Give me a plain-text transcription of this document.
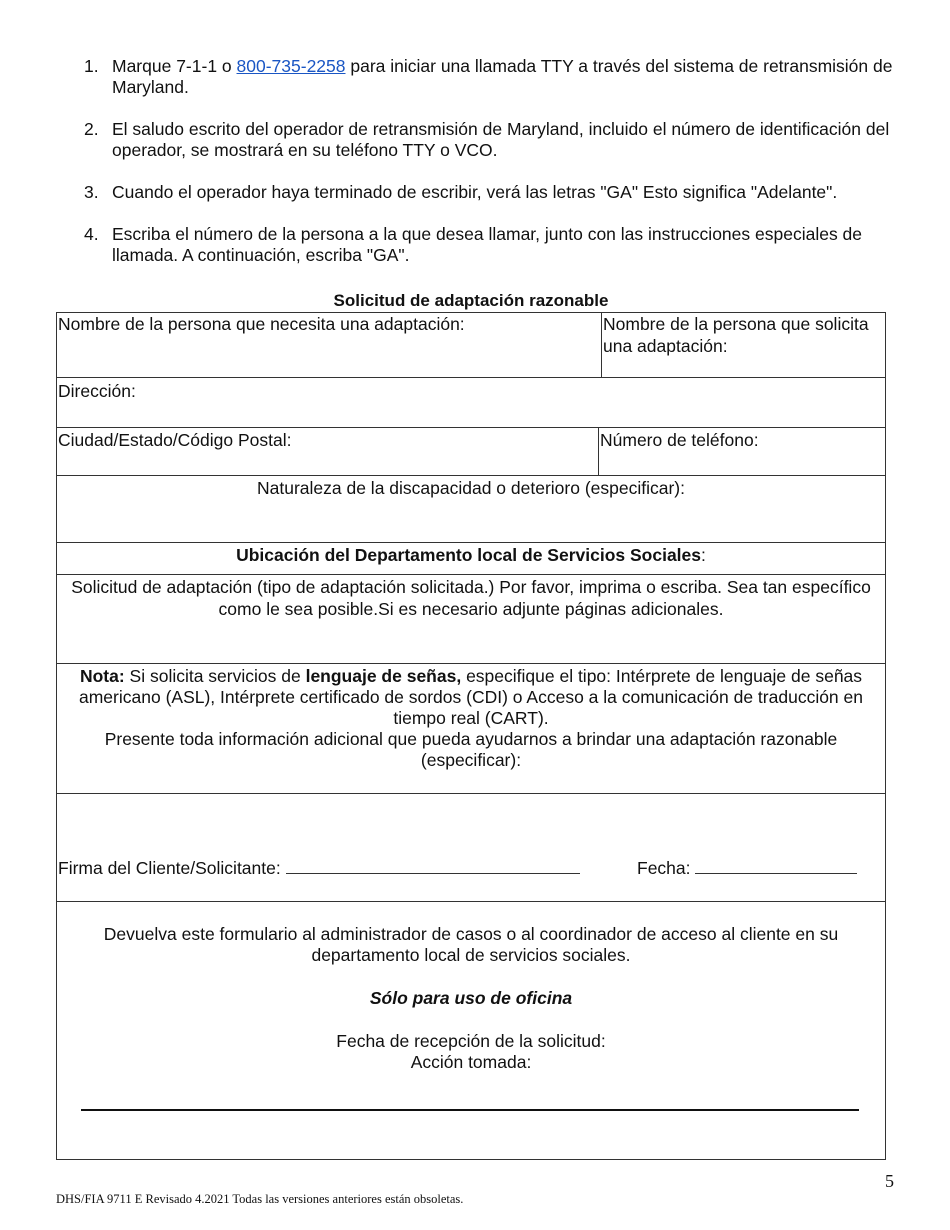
1. Marque 7-1-1 o 800-735-2258 para iniciar una llamada TTY a través del sistema de retransmisión de Maryland.
2. El saludo escrito del operador de retransmisión de Maryland, incluido el número de identificación del operador, se mostrará en su teléfono TTY o VCO.
3. Cuando el operador haya terminado de escribir, verá las letras "GA" Esto significa "Adelante".
4. Escriba el número de la persona a la que desea llamar, junto con las instrucciones especiales de llamada. A continuación, escriba "GA".
Solicitud de adaptación razonable
Nombre de la persona que necesita una adaptación:	Nombre de la persona que solicita una adaptación:
Dirección:
Ciudad/Estado/Código Postal:	Número de teléfono:
Naturaleza de la discapacidad o deterioro (especificar):
Ubicación del Departamento local de Servicios Sociales:
Solicitud de adaptación (tipo de adaptación solicitada.) Por favor, imprima o escriba. Sea tan específico como le sea posible.Si es necesario adjunte páginas adicionales.
Nota: Si solicita servicios de lenguaje de señas, especifique el tipo: Intérprete de lenguaje de señas americano (ASL), Intérprete certificado de sordos (CDI) o Acceso a la comunicación de traducción en tiempo real (CART).
Presente toda información adicional que pueda ayudarnos a brindar una adaptación razonable (especificar):
Firma del Cliente/Solicitante:	Fecha:
Devuelva este formulario al administrador de casos o al coordinador de acceso al cliente en su departamento local de servicios sociales.
Sólo para uso de oficina
Fecha de recepción de la solicitud:
Acción tomada:
5
DHS/FIA 9711 E Revisado 4.2021 Todas las versiones anteriores están obsoletas.
